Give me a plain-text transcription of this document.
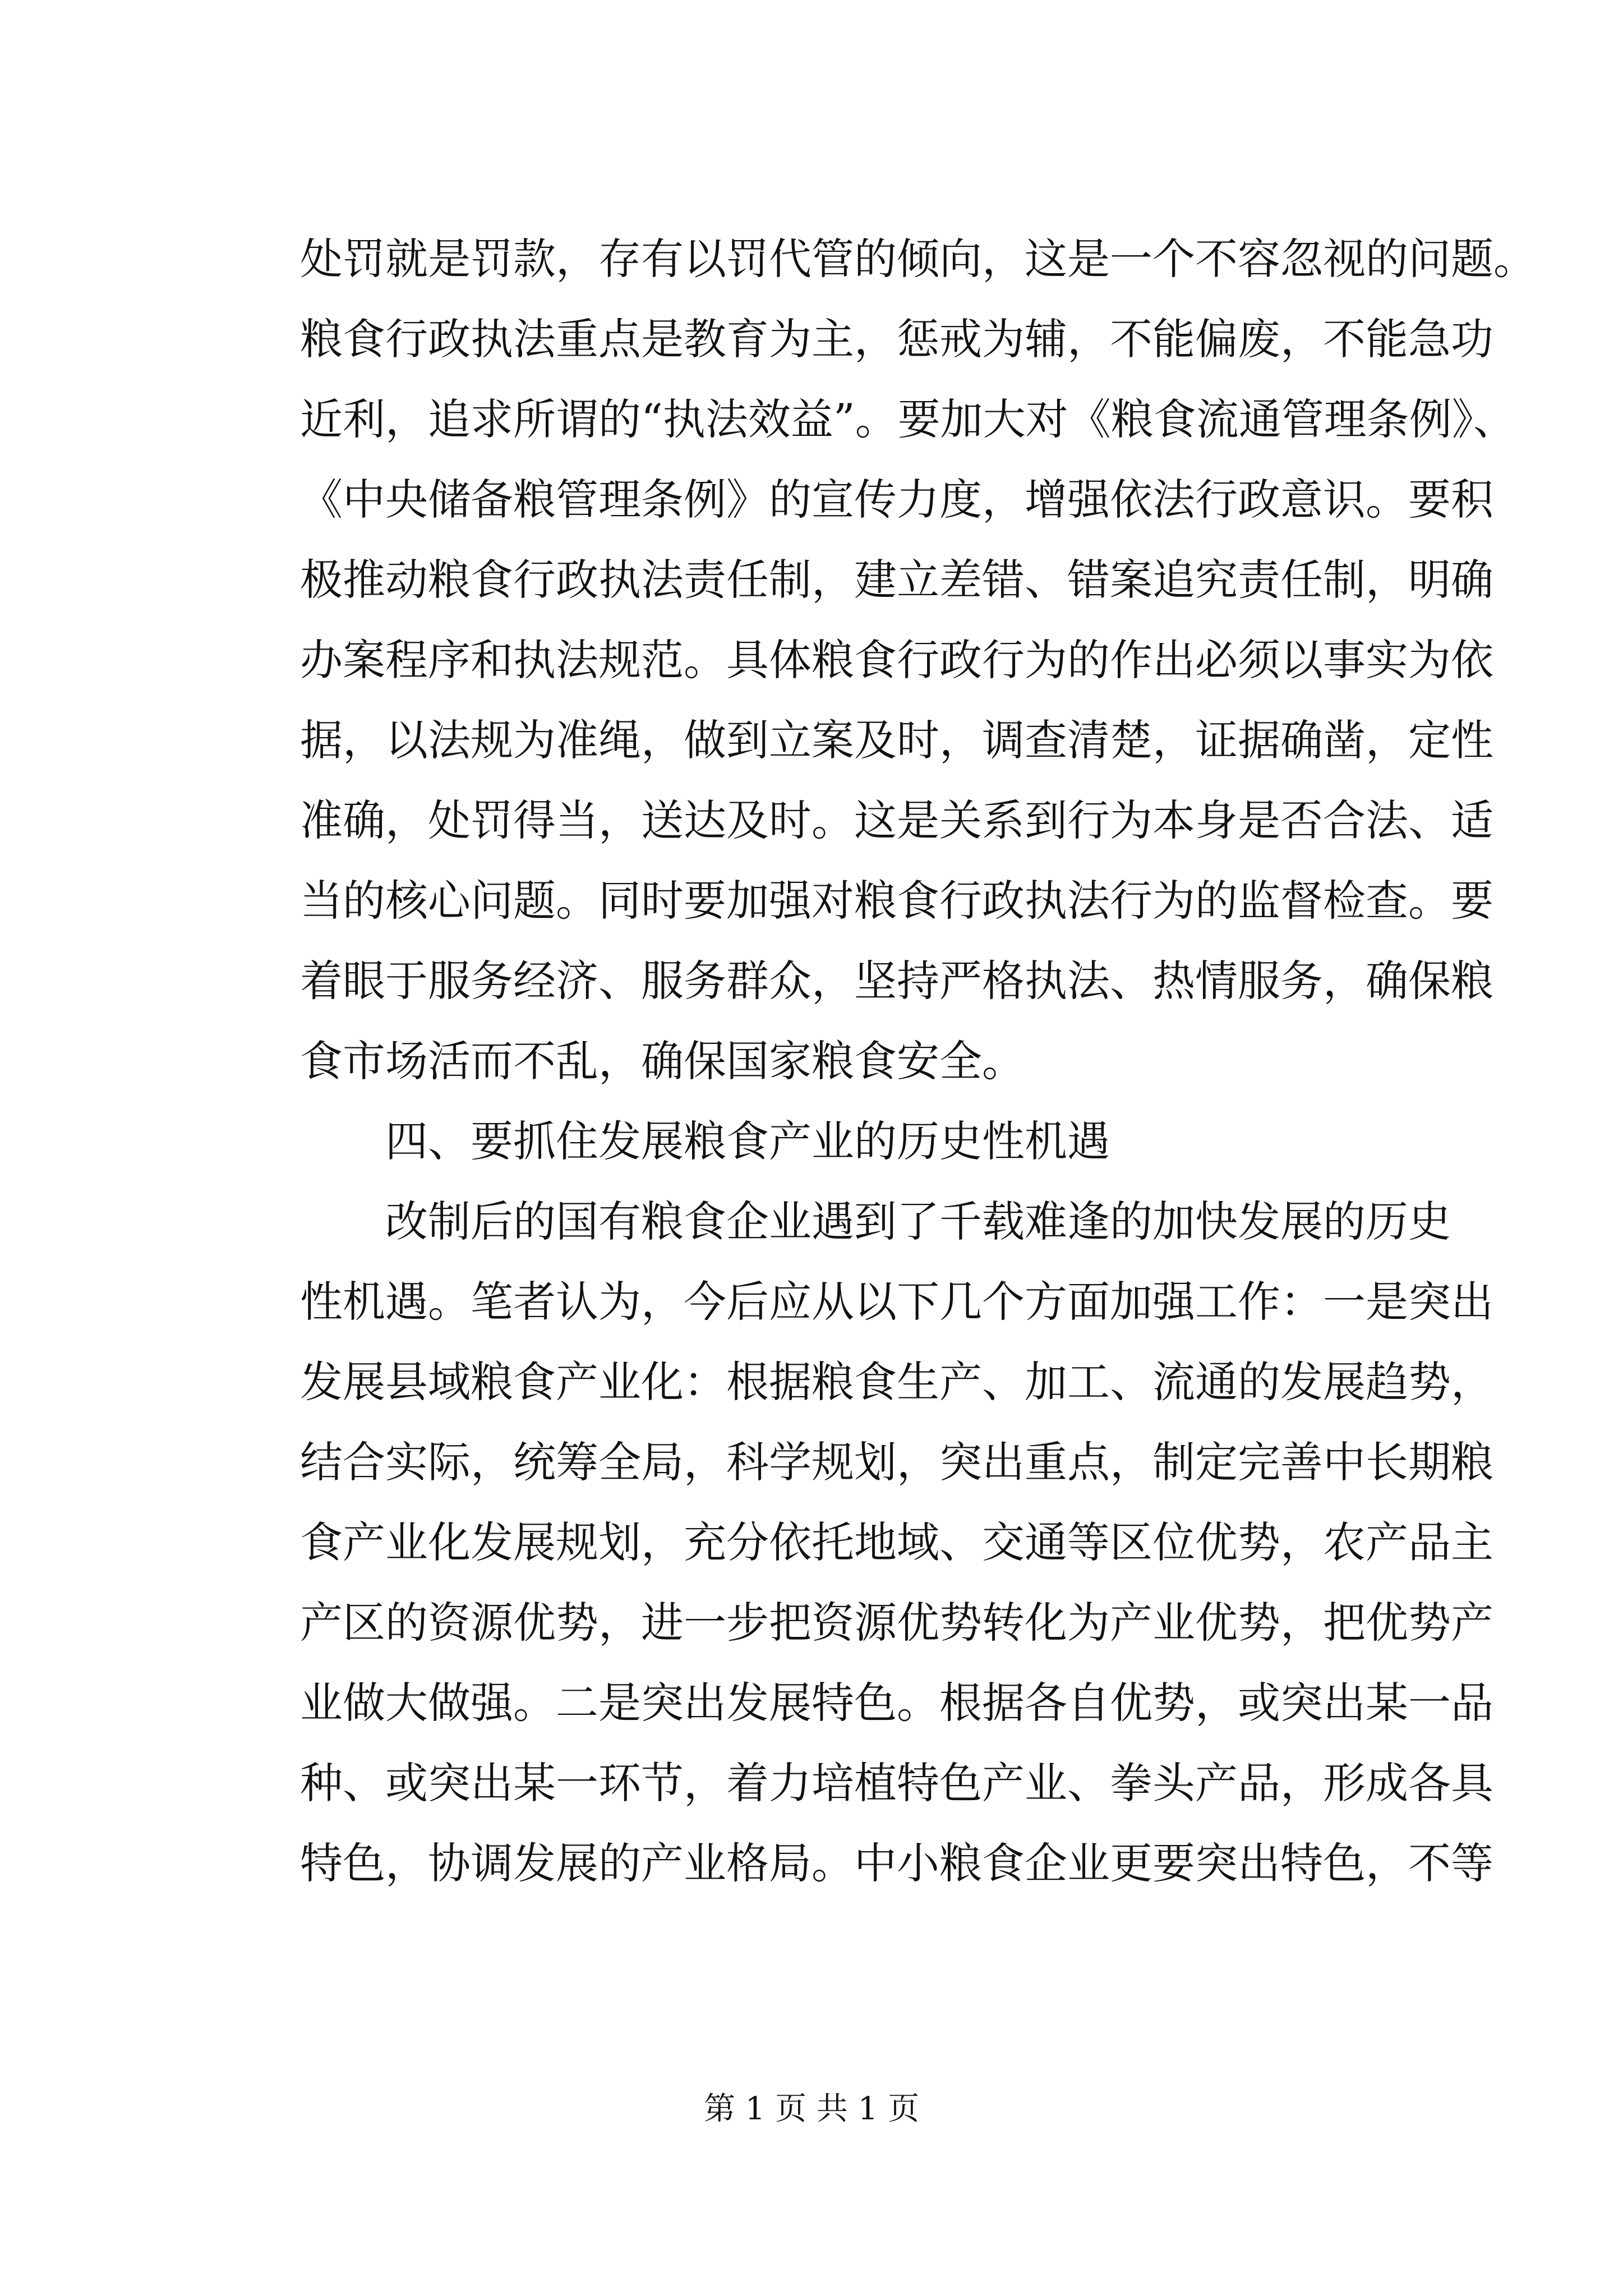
处罚就是罚款，存有以罚代管的倾向，这是一个不容忽视的问题。
粮食行政执法重点是教育为主，惩戒为辅，不能偏废，不能急功
近利，追求所谓的“执法效益”。要加大对《粮食流通管理条例》、
《中央储备粮管理条例》的宣传力度，增强依法行政意识。要积
极推动粮食行政执法责任制，建立差错、错案追究责任制，明确
办案程序和执法规范。具体粮食行政行为的作出必须以事实为依
据，以法规为准绳，做到立案及时，调查清楚，证据确凿，定性
准确，处罚得当，送达及时。这是关系到行为本身是否合法、适
当的核心问题。同时要加强对粮食行政执法行为的监督检查。要
着眼于服务经济、服务群众，坚持严格执法、热情服务，确保粮
食市场活而不乱，确保国家粮食安全。
四、要抓住发展粮食产业的历史性机遇
改制后的国有粮食企业遇到了千载难逢的加快发展的历史
性机遇。笔者认为，今后应从以下几个方面加强工作：一是突出
发展县域粮食产业化：根据粮食生产、加工、流通的发展趋势，
结合实际，统筹全局，科学规划，突出重点，制定完善中长期粮
食产业化发展规划，充分依托地域、交通等区位优势，农产品主
产区的资源优势，进一步把资源优势转化为产业优势，把优势产
业做大做强。二是突出发展特色。根据各自优势，或突出某一品
种、或突出某一环节，着力培植特色产业、拳头产品，形成各具
特色，协调发展的产业格局。中小粮食企业更要突出特色，不等
第 1 页 共 1 页
